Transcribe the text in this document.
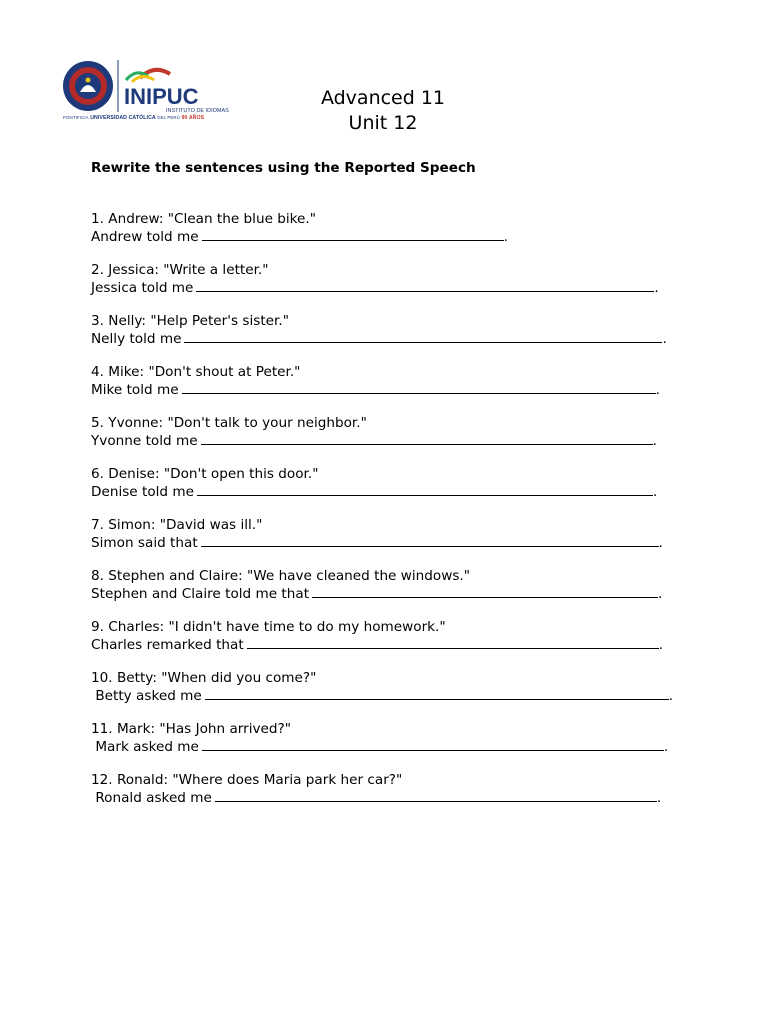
INIPUC
INSTITUTO DE IDIOMAS
PONTIFICIA UNIVERSIDAD CATÓLICA DEL PERÚ 90 AÑOS
Advanced 11
Unit 12
Rewrite the sentences using the Reported Speech
1. Andrew: "Clean the blue bike."
Andrew told me	.
2. Jessica: "Write a letter."
Jessica told me	.
3. Nelly: "Help Peter's sister."
Nelly told me	.
4. Mike: "Don't shout at Peter."
Mike told me	.
5. Yvonne: "Don't talk to your neighbor."
Yvonne told me	.
6. Denise: "Don't open this door."
Denise told me	.
7. Simon: "David was ill."
Simon said that	.
8. Stephen and Claire: "We have cleaned the windows."
Stephen and Claire told me that	.
9. Charles: "I didn't have time to do my homework."
Charles remarked that	.
10. Betty: "When did you come?"
Betty asked me	.
11. Mark: "Has John arrived?"
Mark asked me	.
12. Ronald: "Where does Maria park her car?"
Ronald asked me	.
